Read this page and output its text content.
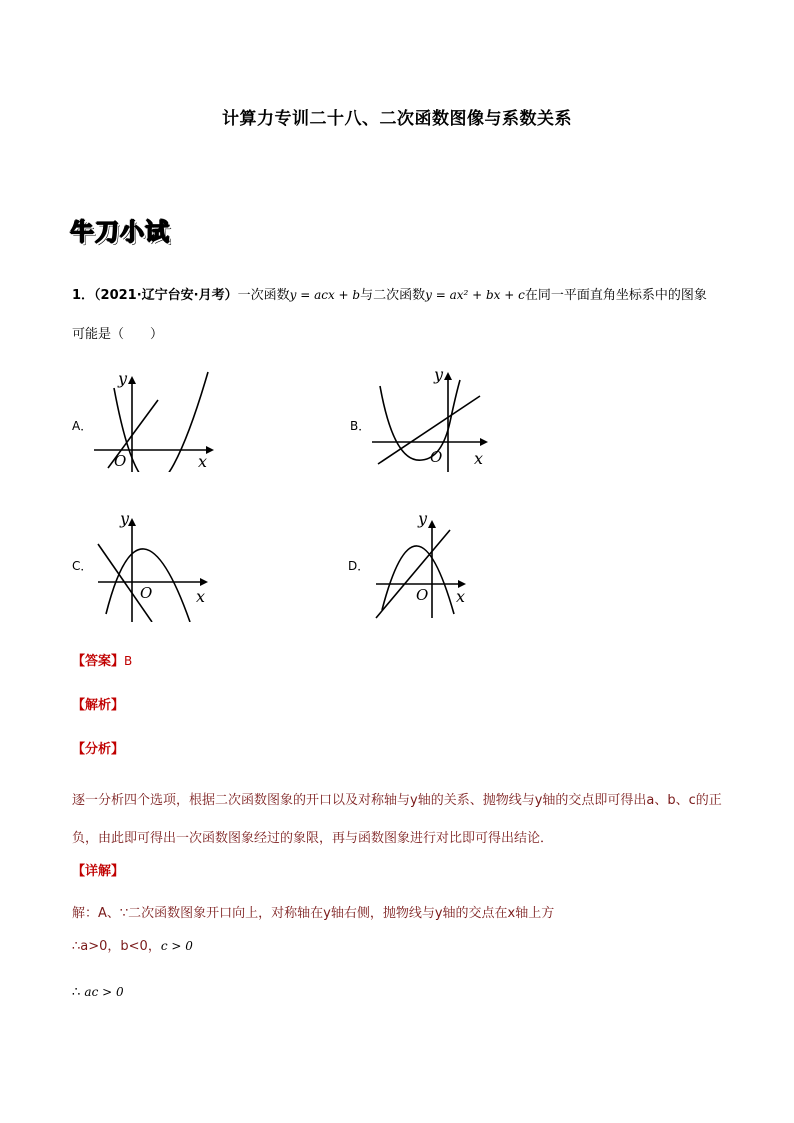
计算力专训二十八、二次函数图像与系数关系
牛刀小试
1．（2021·辽宁台安·月考）一次函数y = acx + b与二次函数y = ax² + bx + c在同一平面直角坐标系中的图象
可能是（　　）
A．
y
x
O
B．
y
x
O
C．
y
x
O
D．
y
x
O
【答案】B
【解析】
【分析】
逐一分析四个选项，根据二次函数图象的开口以及对称轴与y轴的关系、抛物线与y轴的交点即可得出a、b、c的正负，由此即可得出一次函数图象经过的象限，再与函数图象进行对比即可得出结论．
【详解】
解：A、∵二次函数图象开口向上，对称轴在y轴右侧，抛物线与y轴的交点在x轴上方
∴a>0，b<0，c > 0
∴ ac > 0
